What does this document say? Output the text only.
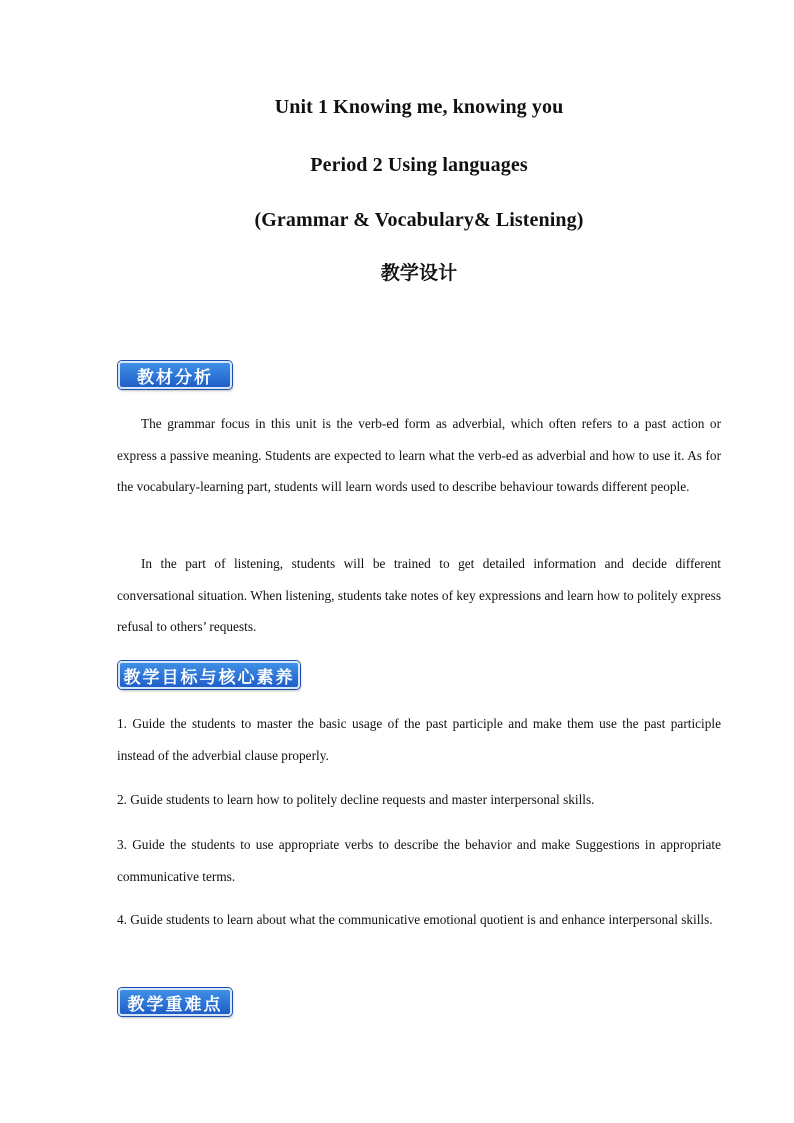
Unit 1 Knowing me, knowing you
Period 2 Using languages
(Grammar & Vocabulary& Listening)
教学设计
教材分析

The grammar focus in this unit is the verb-ed form as adverbial, which often refers to a past action or express a passive meaning. Students are expected to learn what the verb-ed as adverbial and how to use it. As for the vocabulary-learning part, students will learn words used to describe behaviour towards different people.

In the part of listening, students will be trained to get detailed information and decide different conversational situation. When listening, students take notes of key expressions and learn how to politely express refusal to others’ requests.

教学目标与核心素养

1. Guide the students to master the basic usage of the past participle and make them use the past participle instead of the adverbial clause properly.

2. Guide students to learn how to politely decline requests and master interpersonal skills.

3. Guide the students to use appropriate verbs to describe the behavior and make Suggestions in appropriate communicative terms.

4. Guide students to learn about what the communicative emotional quotient is and enhance interpersonal skills.

教学重难点
